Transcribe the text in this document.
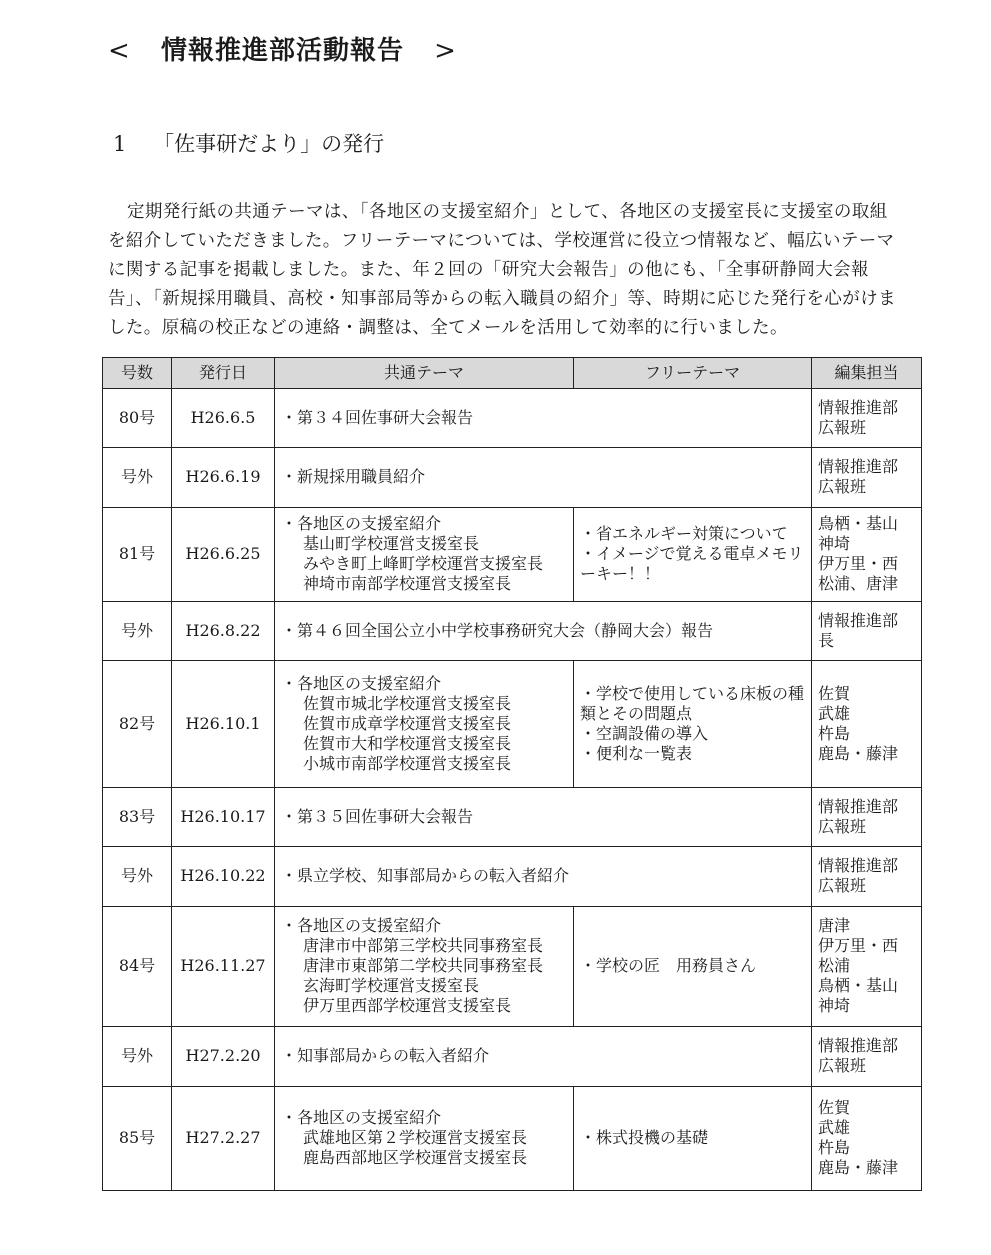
< 情報推進部活動報告 >
1 「佐事研だより」の発行

定期発行紙の共通テーマは、「各地区の支援室紹介」として、各地区の支援室長に支援室の取組を紹介していただきました。フリーテーマについては、学校運営に役立つ情報など、幅広いテーマに関する記事を掲載しました。また、年２回の「研究大会報告」の他にも、「全事研静岡大会報告」、「新規採用職員、高校・知事部局等からの転入職員の紹介」等、時期に応じた発行を心がけました。原稿の校正などの連絡・調整は、全てメールを活用して効率的に行いました。

号数	発行日	共通テーマ	フリーテーマ	編集担当
80号	H26.6.5	・第３４回佐事研大会報告		情報推進部
広報班

号外	H26.6.19	・新規採用職員紹介		情報推進部
広報班

81号	H26.6.25	・各地区の支援室紹介
基山町学校運営支援室長
みやき町上峰町学校運営支援室長
神埼市南部学校運営支援室長	・省エネルギー対策について
・イメージで覚える電卓メモリーキー！！	鳥栖・基山
神埼
伊万里・西
松浦、唐津

号外	H26.8.22	・第４６回全国公立小中学校事務研究大会（静岡大会）報告		情報推進部
長

82号	H26.10.1	・各地区の支援室紹介
佐賀市城北学校運営支援室長
佐賀市成章学校運営支援室長
佐賀市大和学校運営支援室長
小城市南部学校運営支援室長	・学校で使用している床板の種類とその問題点
・空調設備の導入
・便利な一覧表	佐賀
武雄
杵島
鹿島・藤津

83号	H26.10.17	・第３５回佐事研大会報告		情報推進部
広報班

号外	H26.10.22	・県立学校、知事部局からの転入者紹介		情報推進部
広報班

84号	H26.11.27	・各地区の支援室紹介
唐津市中部第三学校共同事務室長
唐津市東部第二学校共同事務室長
玄海町学校運営支援室長
伊万里西部学校運営支援室長	・学校の匠　用務員さん	唐津
伊万里・西
松浦
鳥栖・基山
神埼

号外	H27.2.20	・知事部局からの転入者紹介		情報推進部
広報班

85号	H27.2.27	・各地区の支援室紹介
武雄地区第２学校運営支援室長
鹿島西部地区学校運営支援室長	・株式投機の基礎	佐賀
武雄
杵島
鹿島・藤津
